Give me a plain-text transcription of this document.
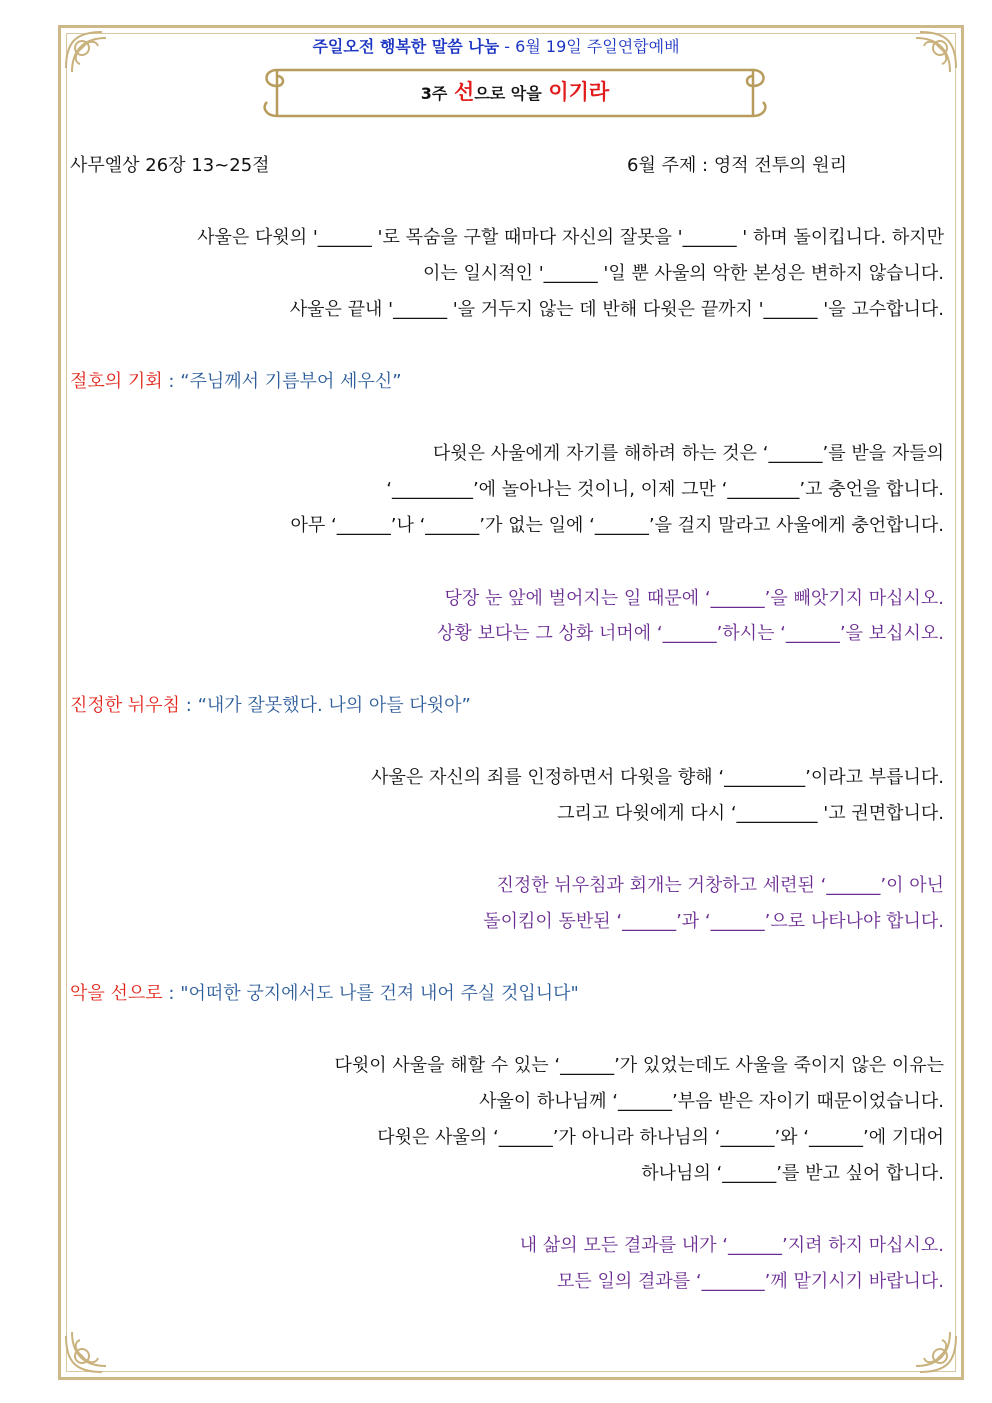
주일오전 행복한 말씀 나눔 - 6월 19일 주일연합예배
3주 선으로 악을 이기라
사무엘상 26장 13~25절	6월 주제 : 영적 전투의 원리
사울은 다윗의 '______ '로 목숨을 구할 때마다 자신의 잘못을 '______ ' 하며 돌이킵니다. 하지만
이는 일시적인 '______ '일 뿐 사울의 악한 본성은 변하지 않습니다.
사울은 끝내 '______ '을 거두지 않는 데 반해 다윗은 끝까지 '______ '을 고수합니다.
절호의 기회 : “주님께서 기름부어 세우신”
다윗은 사울에게 자기를 해하려 하는 것은 ‘______’를 받을 자들의
‘_________’에 놀아나는 것이니, 이제 그만 ‘________’고 충언을 합니다.
아무 ‘______’나 ‘______’가 없는 일에 ‘______’을 걸지 말라고 사울에게 충언합니다.
당장 눈 앞에 벌어지는 일 때문에 ‘______’을 빼앗기지 마십시오.
상황 보다는 그 상화 너머에 ‘______’하시는 ‘______’을 보십시오.
진정한 뉘우침 : “내가 잘못했다. 나의 아들 다윗아”
사울은 자신의 죄를 인정하면서 다윗을 향해 ‘_________’이라고 부릅니다.
그리고 다윗에게 다시 ‘_________ '고 권면합니다.
진정한 뉘우침과 회개는 거창하고 세련된 ‘______’이 아닌
돌이킴이 동반된 ‘______’과 ‘______’으로 나타나야 합니다.
악을 선으로 : "어떠한 궁지에서도 나를 건져 내어 주실 것입니다"
다윗이 사울을 해할 수 있는 ‘______’가 있었는데도 사울을 죽이지 않은 이유는
사울이 하나님께 ‘______’부음 받은 자이기 때문이었습니다.
다윗은 사울의 ‘______’가 아니라 하나님의 ‘______’와 ‘______’에 기대어
하나님의 ‘______’를 받고 싶어 합니다.
내 삶의 모든 결과를 내가 ‘______’지려 하지 마십시오.
모든 일의 결과를 ‘_______’께 맡기시기 바랍니다.
